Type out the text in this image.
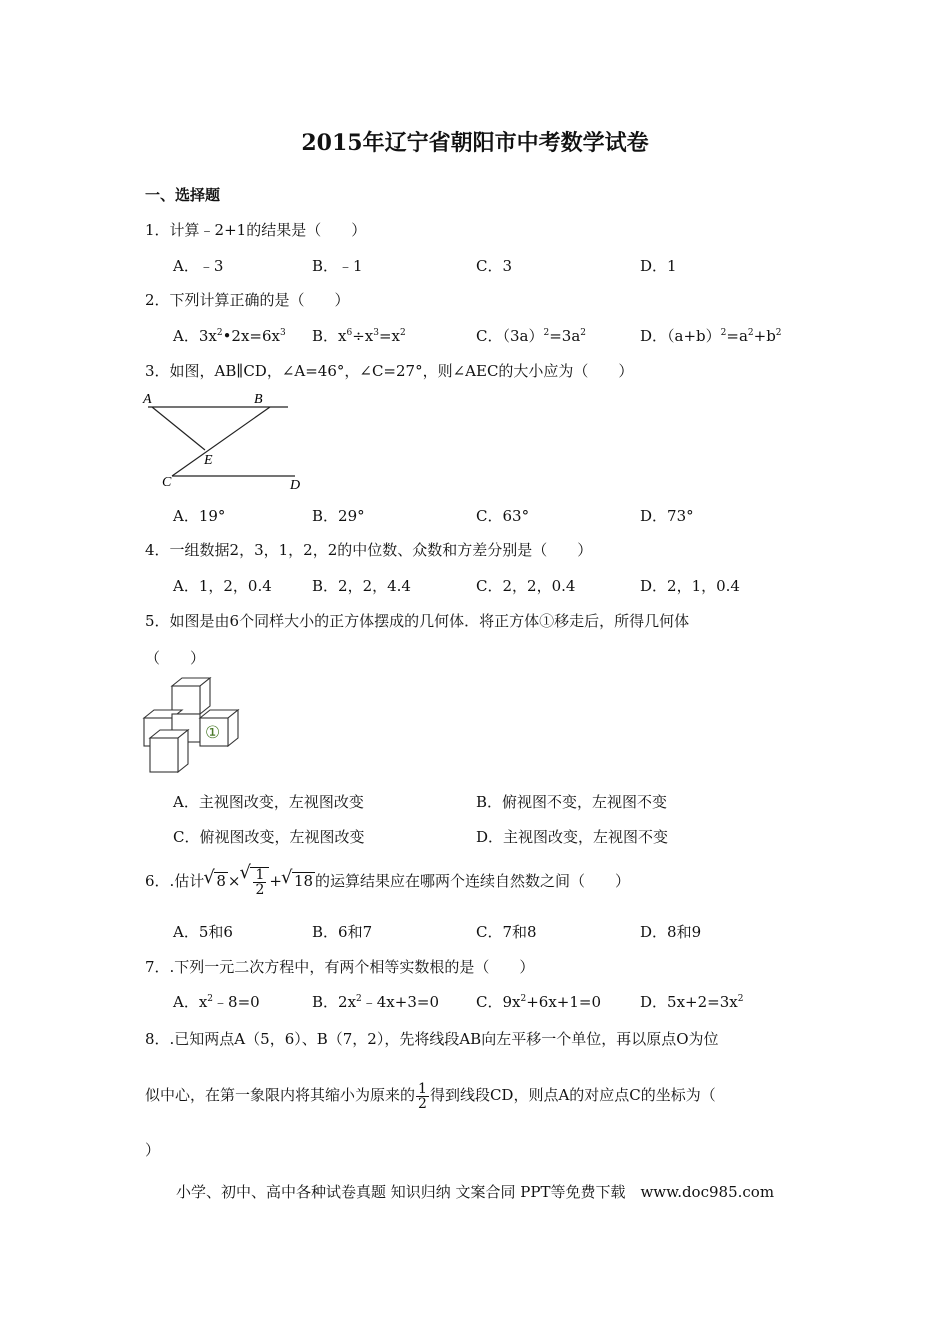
2015年辽宁省朝阳市中考数学试卷
一、选择题
1．计算﹣2+1的结果是（　　）
A．﹣3	B．﹣1	C．3	D．1
2．下列计算正确的是（　　）
A．$3x^2•2x=6x^3$ B．$x^6\div x^3=x^2$	C．$(3a)^2=3a^2$	D．$(a+b)^2=a^2+b^2$
3．如图，AB∥CD，∠A=46°，∠C=27°，则∠AEC的大小应为（　　）
A	B
E
C	D
A．19°	B．29°	C．63°	D．73°
4．一组数据2，3，1，2，2的中位数、众数和方差分别是（　　）
A．1，2，0.4	B．2，2，4.4	C．2，2，0.4	D．2，1，0.4
5．如图是由6个同样大小的正方体摆成的几何体．将正方体①移走后，所得几何体
（　　）
①
A．主视图改变，左视图改变	B．俯视图不变，左视图不变
C．俯视图改变，左视图改变	D．主视图改变，左视图不变
6．.估计 √ 8 × √ $\frac{1}{2}$ + √ 18 的运算结果应在哪两个连续自然数之间（　　）
A．5和6	B．6和7	C．7和8	D．8和9
7．.下列一元二次方程中，有两个相等实数根的是（　　）
A．$x^2﹣8=0$	B．$2x^2﹣4x+3=0$ C．$9x^2+6x+1=0$	D．$5x+2=3x^2$
8．.已知两点A（5，6）、B（7，2），先将线段AB向左平移一个单位，再以原点O为位
似中心，在第一象限内将其缩小为原来的 $\frac{1}{2}$ 得到线段CD，则点A的对应点C的坐标为（
）
小学、初中、高中各种试卷真题 知识归纳 文案合同 PPT等免费下载　www.doc985.com
